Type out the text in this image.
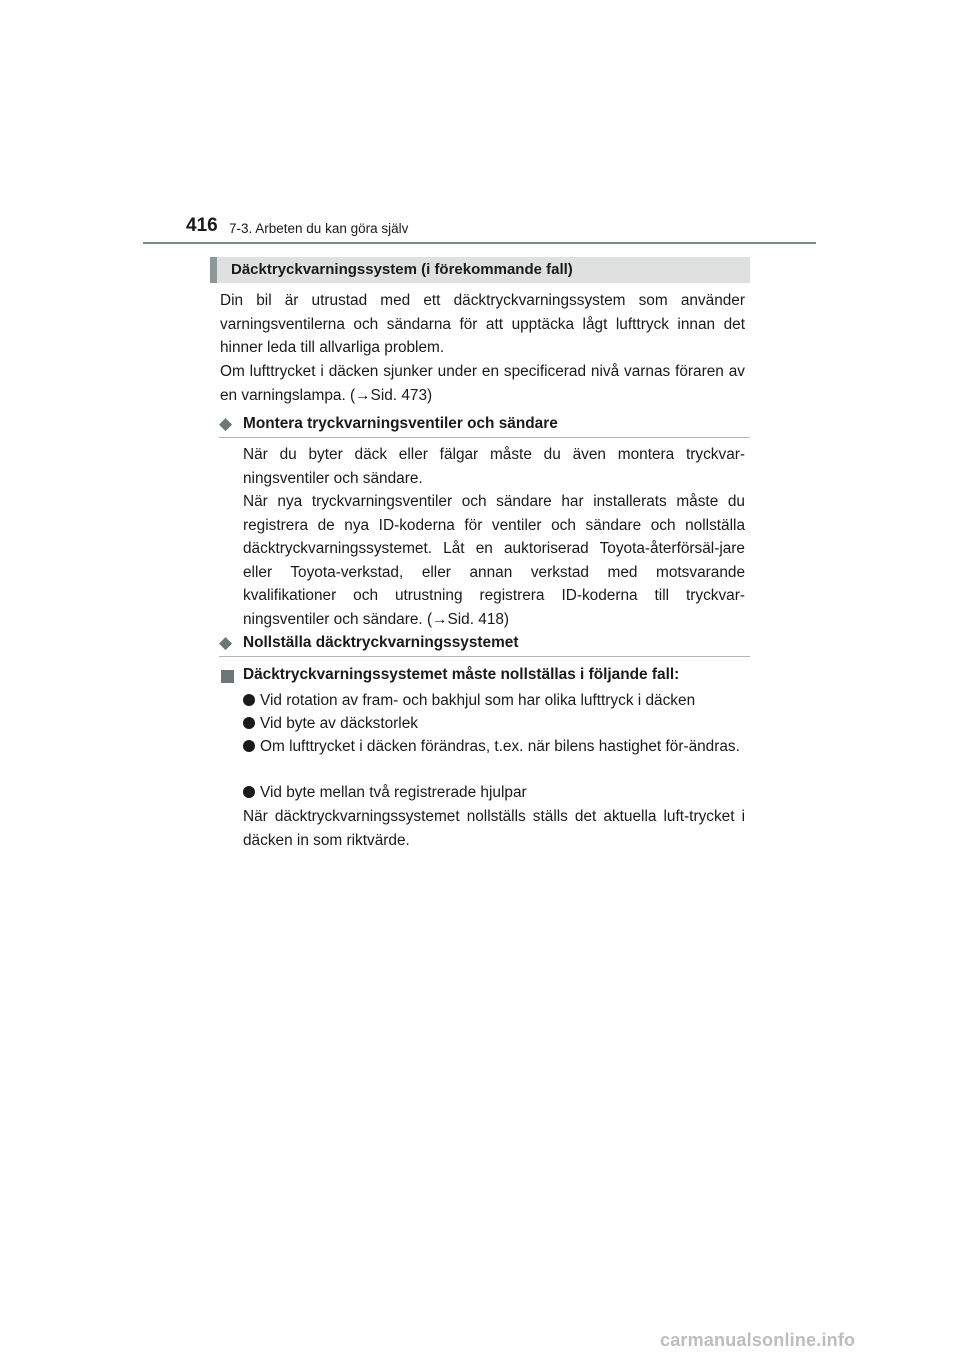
416 7-3. Arbeten du kan göra själv
Däcktryckvarningssystem (i förekommande fall)

Din bil är utrustad med ett däcktryckvarningssystem som använder varningsventilerna och sändarna för att upptäcka lågt lufttryck innan det hinner leda till allvarliga problem.

Om lufttrycket i däcken sjunker under en specificerad nivå varnas föraren av en varningslampa. (→Sid. 473)

◆ Montera tryckvarningsventiler och sändare

När du byter däck eller fälgar måste du även montera tryckvar-ningsventiler och sändare.

När nya tryckvarningsventiler och sändare har installerats måste du registrera de nya ID-koderna för ventiler och sändare och nollställa däcktryckvarningssystemet. Låt en auktoriserad Toyota-återförsäl-jare eller Toyota-verkstad, eller annan verkstad med motsvarande kvalifikationer och utrustning registrera ID-koderna till tryckvar-ningsventiler och sändare. (→Sid. 418)

◆ Nollställa däcktryckvarningssystemet
Däcktryckvarningssystemet måste nollställas i följande fall:

Vid rotation av fram- och bakhjul som har olika lufttryck i däcken

Vid byte av däckstorlek

Om lufttrycket i däcken förändras, t.ex. när bilens hastighet för-ändras.

Vid byte mellan två registrerade hjulpar

När däcktryckvarningssystemet nollställs ställs det aktuella luft-trycket i däcken in som riktvärde.

carmanualsonline.info
